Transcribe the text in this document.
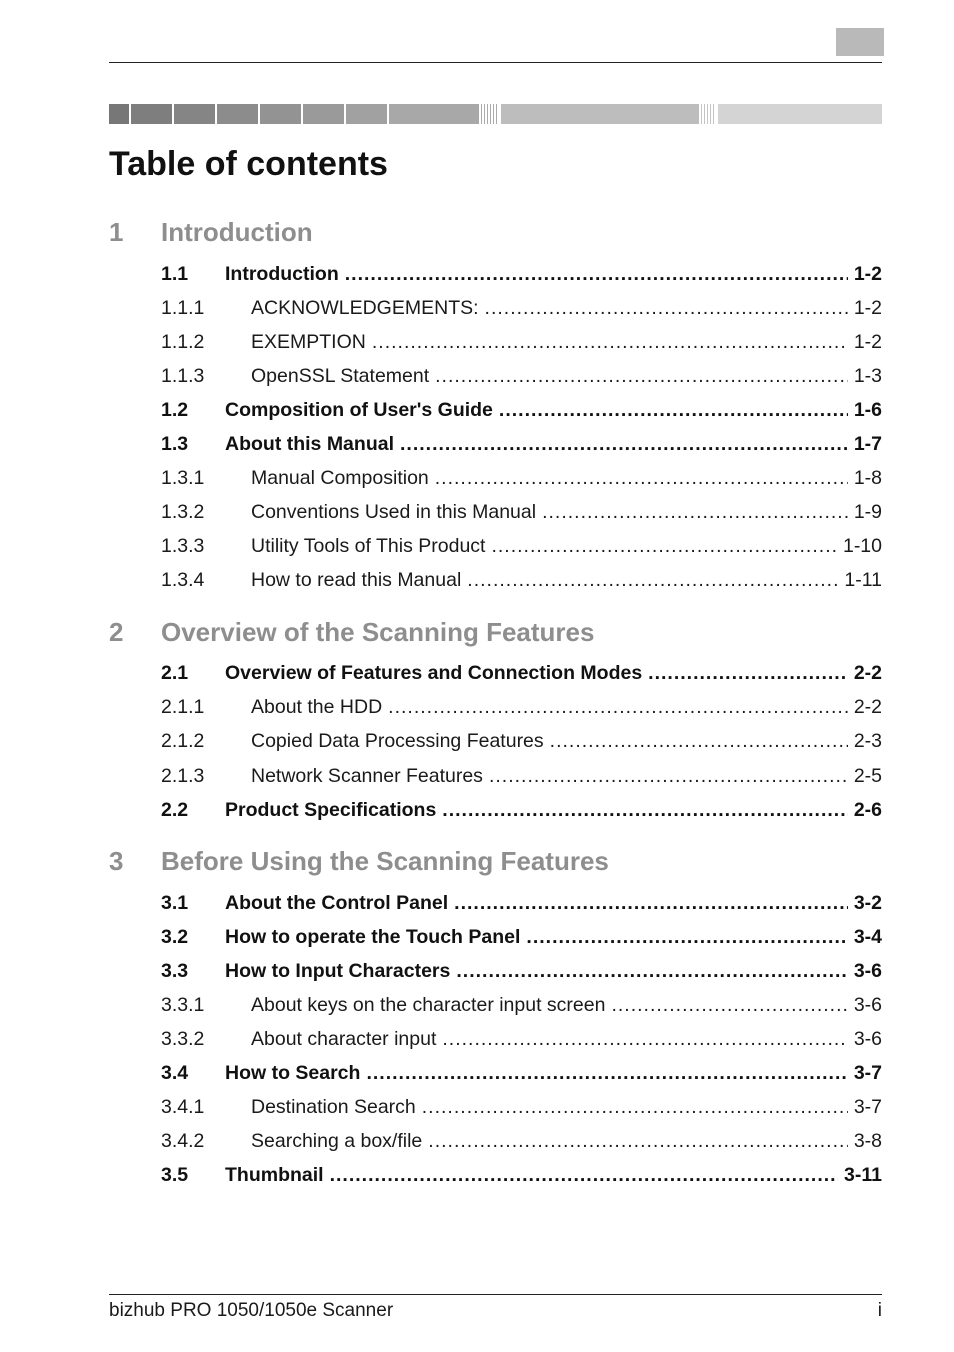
Table of contents
1 Introduction
1.1	Introduction .....	1-2
1.1.1	ACKNOWLEDGEMENTS: .....	1-2
1.1.2	EXEMPTION .....	1-2
1.1.3	OpenSSL Statement .....	1-3
1.2	Composition of User's Guide .....	1-6
1.3	About this Manual .....	1-7
1.3.1	Manual Composition .....	1-8
1.3.2	Conventions Used in this Manual .....	1-9
1.3.3	Utility Tools of This Product .....	1-10
1.3.4	How to read this Manual .....	1-11
2 Overview of the Scanning Features
2.1	Overview of Features and Connection Modes .....	2-2
2.1.1	About the HDD .....	2-2
2.1.2	Copied Data Processing Features .....	2-3
2.1.3	Network Scanner Features .....	2-5
2.2	Product Specifications .....	2-6
3 Before Using the Scanning Features
3.1	About the Control Panel .....	3-2
3.2	How to operate the Touch Panel .....	3-4
3.3	How to Input Characters .....	3-6
3.3.1	About keys on the character input screen .....	3-6
3.3.2	About character input .....	3-6
3.4	How to Search .....	3-7
3.4.1	Destination Search .....	3-7
3.4.2	Searching a box/file .....	3-8
3.5	Thumbnail .....	3-11
bizhub PRO 1050/1050e Scanner	i
